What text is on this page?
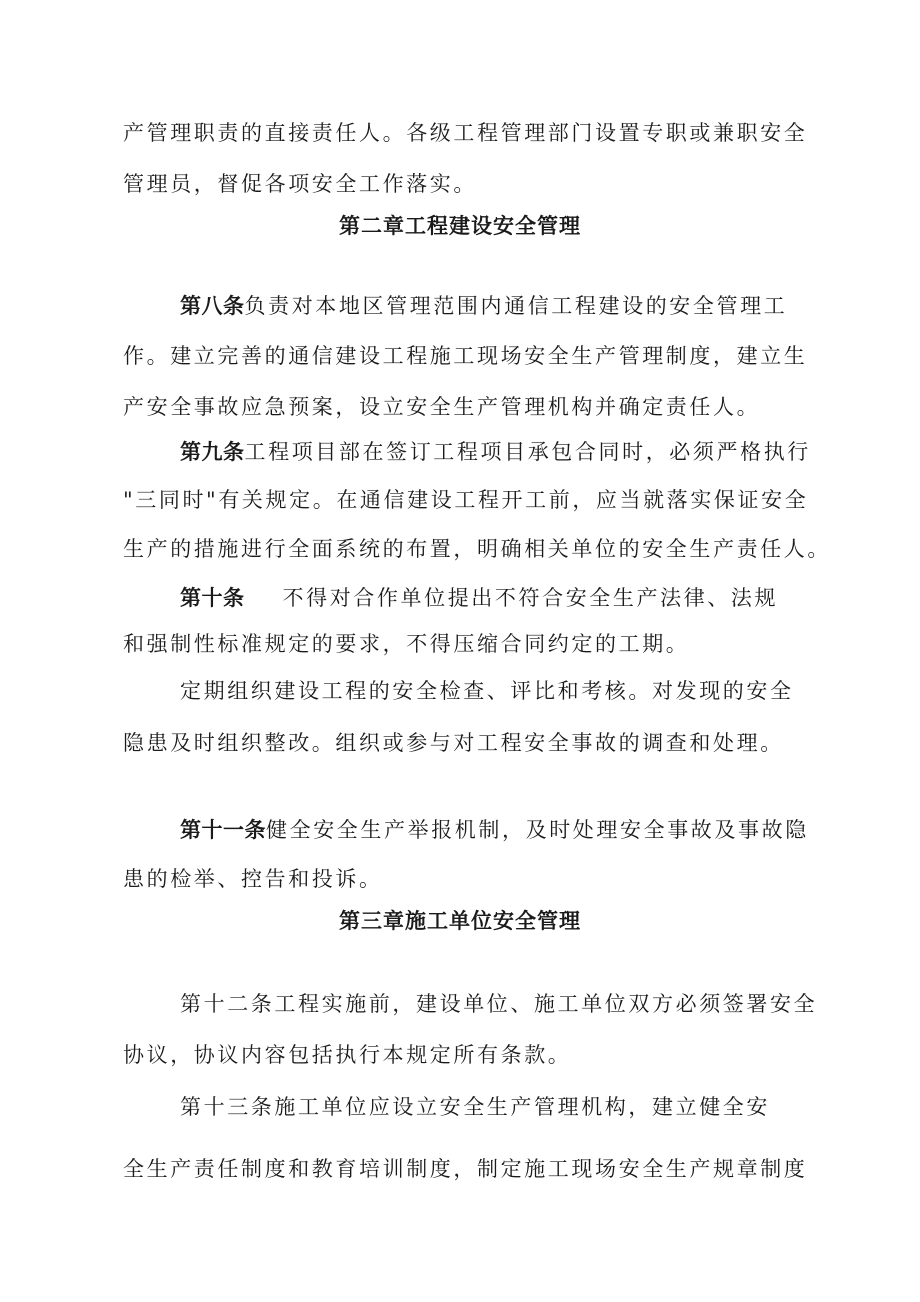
产管理职责的直接责任人。各级工程管理部门设置专职或兼职安全
管理员，督促各项安全工作落实。
第二章工程建设安全管理
第八条负责对本地区管理范围内通信工程建设的安全管理工
作。建立完善的通信建设工程施工现场安全生产管理制度，建立生
产安全事故应急预案，设立安全生产管理机构并确定责任人。
第九条工程项目部在签订工程项目承包合同时，必须严格执行
"三同时"有关规定。在通信建设工程开工前，应当就落实保证安全
生产的措施进行全面系统的布置，明确相关单位的安全生产责任人。
第十条 不得对合作单位提出不符合安全生产法律、法规
和强制性标准规定的要求，不得压缩合同约定的工期。
定期组织建设工程的安全检查、评比和考核。对发现的安全
隐患及时组织整改。组织或参与对工程安全事故的调查和处理。
第十一条健全安全生产举报机制，及时处理安全事故及事故隐
患的检举、控告和投诉。
第三章施工单位安全管理
第十二条工程实施前，建设单位、施工单位双方必须签署安全
协议，协议内容包括执行本规定所有条款。
第十三条施工单位应设立安全生产管理机构，建立健全安
全生产责任制度和教育培训制度，制定施工现场安全生产规章制度
